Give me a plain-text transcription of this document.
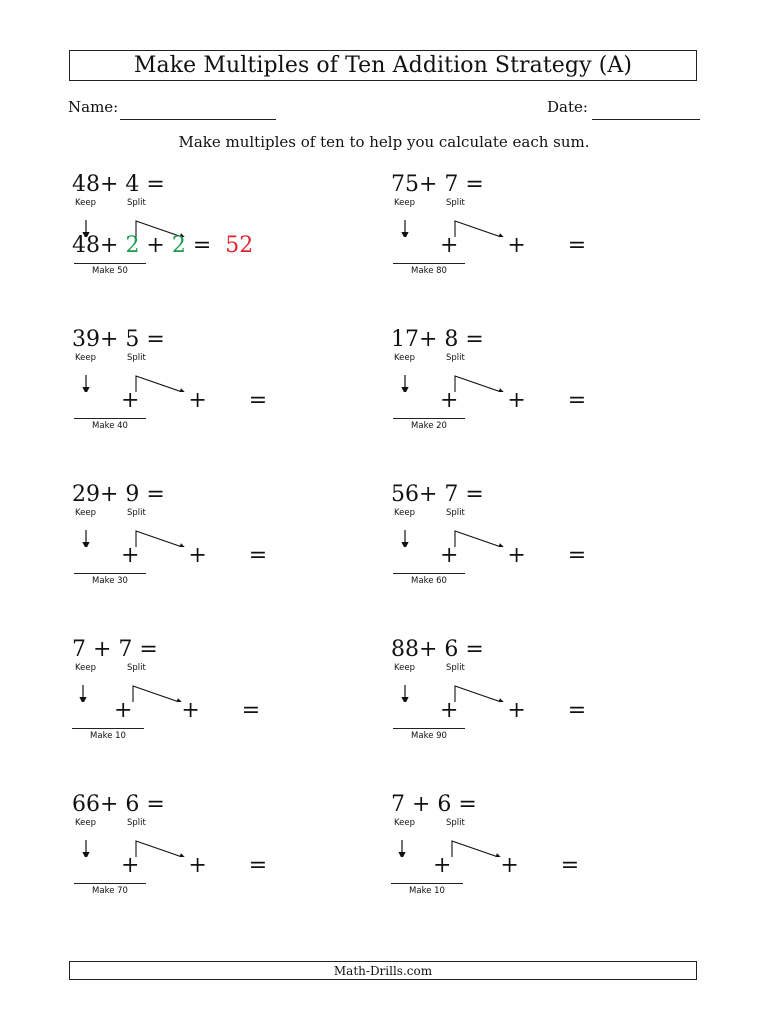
Make Multiples of Ten Addition Strategy (A)
Name:	Date:
Make multiples of ten to help you calculate each sum.
48+ 4 =
Keep	Split
48+ 2 + 2 =  52
Make 50
75+ 7 =
Keep	Split
+       +      =
Make 80
39+ 5 =
Keep	Split
+       +      =
Make 40
17+ 8 =
Keep	Split
+       +      =
Make 20
29+ 9 =
Keep	Split
+       +      =
Make 30
56+ 7 =
Keep	Split
+       +      =
Make 60
7 + 7 =
Keep	Split
+       +      =
Make 10
88+ 6 =
Keep	Split
+       +      =
Make 90
66+ 6 =
Keep	Split
+       +      =
Make 70
7 + 6 =
Keep	Split
+       +      =
Make 10
Math-Drills.com
